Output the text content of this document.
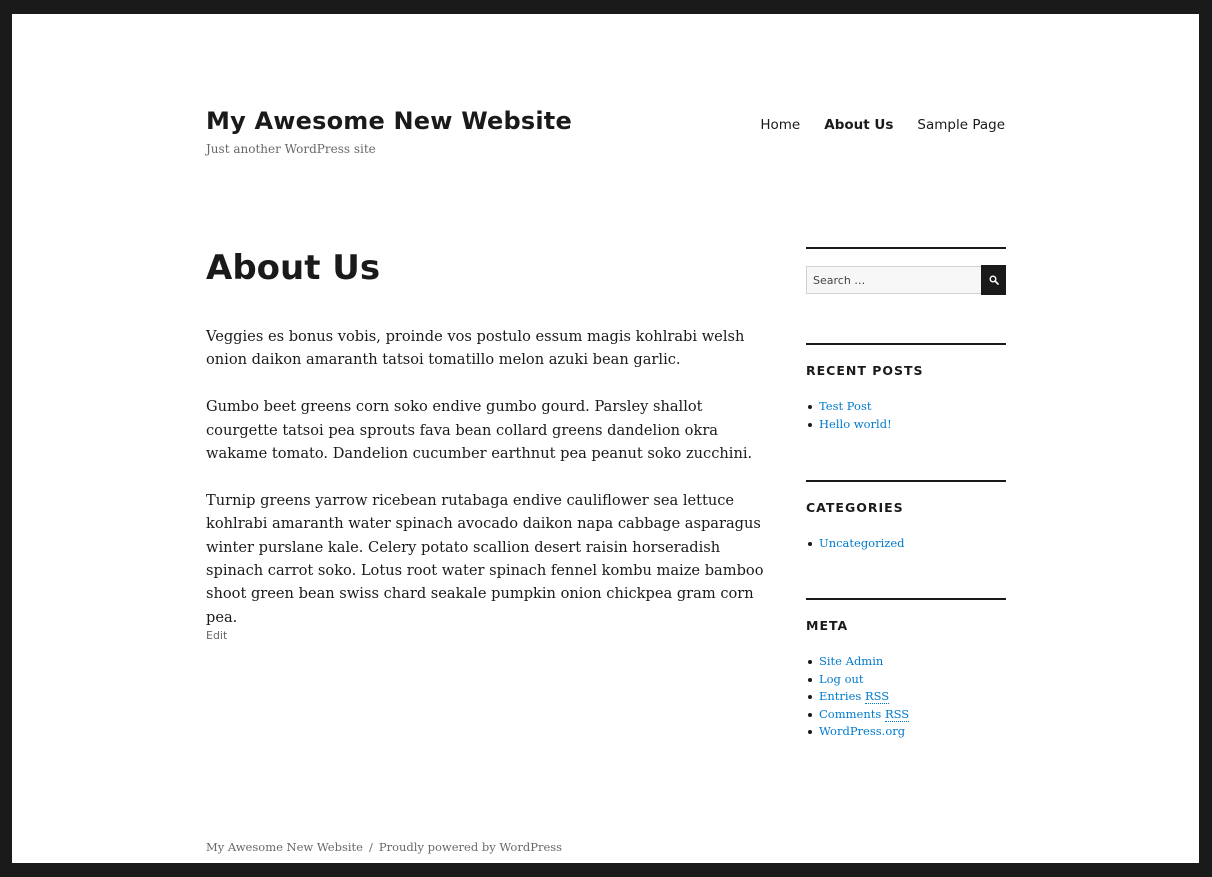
My Awesome New Website
Just another WordPress site
Home About Us Sample Page
About Us

Veggies es bonus vobis, proinde vos postulo essum magis kohlrabi welsh onion daikon amaranth tatsoi tomatillo melon azuki bean garlic.

Gumbo beet greens corn soko endive gumbo gourd. Parsley shallot courgette tatsoi pea sprouts fava bean collard greens dandelion okra wakame tomato. Dandelion cucumber earthnut pea peanut soko zucchini.

Turnip greens yarrow ricebean rutabaga endive cauliflower sea lettuce kohlrabi amaranth water spinach avocado daikon napa cabbage asparagus winter purslane kale. Celery potato scallion desert raisin horseradish spinach carrot soko. Lotus root water spinach fennel kombu maize bamboo shoot green bean swiss chard seakale pumpkin onion chickpea gram corn pea.

Edit
Search …
RECENT POSTS
Test Post
Hello world!
CATEGORIES
Uncategorized
META
Site Admin
Log out
Entries RSS
Comments RSS
WordPress.org
My Awesome New Website / Proudly powered by WordPress
